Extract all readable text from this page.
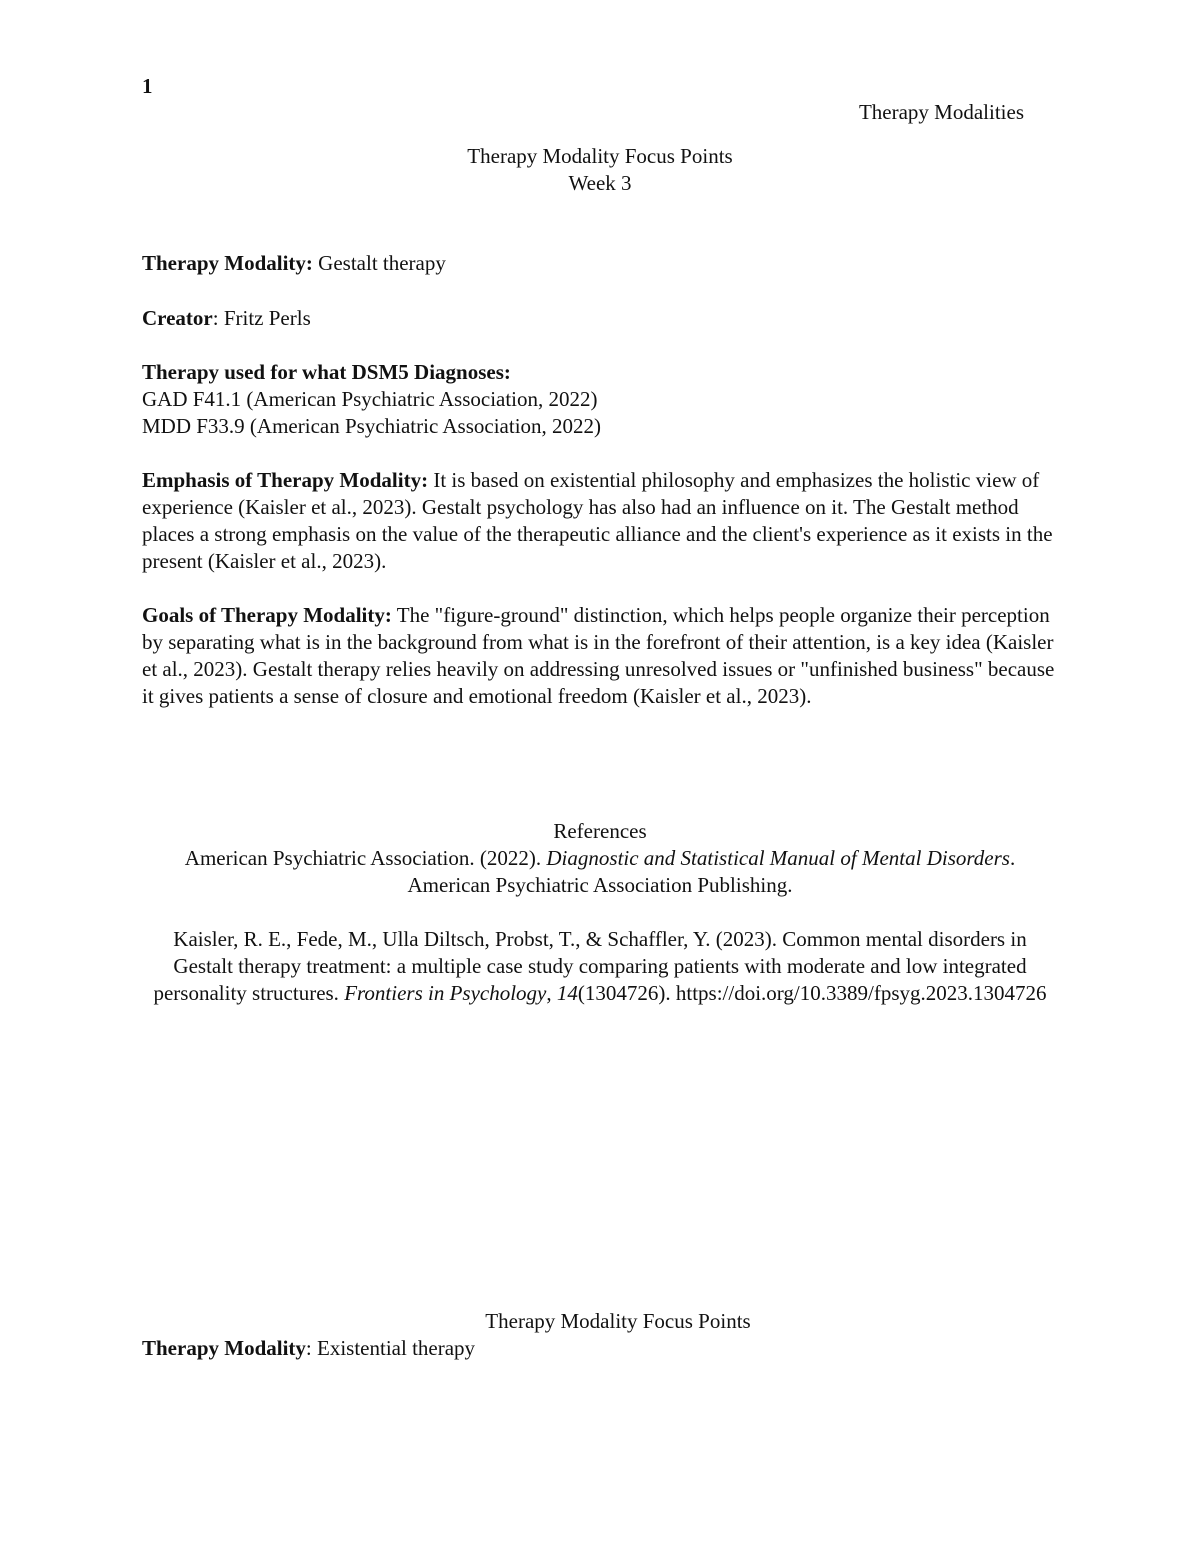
1
Therapy Modalities

Therapy Modality Focus Points

Week 3

Therapy Modality: Gestalt therapy
Creator: Fritz Perls

Therapy used for what DSM5 Diagnoses:

GAD F41.1 (American Psychiatric Association, 2022)

MDD F33.9 (American Psychiatric Association, 2022)

Emphasis of Therapy Modality: It is based on existential philosophy and emphasizes the holistic view of experience (Kaisler et al., 2023). Gestalt psychology has also had an influence on it. The Gestalt method places a strong emphasis on the value of the therapeutic alliance and the client's experience as it exists in the present (Kaisler et al., 2023).
Goals of Therapy Modality: The "figure-ground" distinction, which helps people organize their perception by separating what is in the background from what is in the forefront of their attention, is a key idea (Kaisler et al., 2023). Gestalt therapy relies heavily on addressing unresolved issues or "unfinished business" because it gives patients a sense of closure and emotional freedom (Kaisler et al., 2023).

References

American Psychiatric Association. (2022). Diagnostic and Statistical Manual of Mental Disorders. American Psychiatric Association Publishing.

Kaisler, R. E., Fede, M., Ulla Diltsch, Probst, T., & Schaffler, Y. (2023). Common mental disorders in Gestalt therapy treatment: a multiple case study comparing patients with moderate and low integrated personality structures. Frontiers in Psychology, 14(1304726). https://doi.org/10.3389/fpsyg.2023.1304726

Therapy Modality Focus Points
Therapy Modality: Existential therapy
